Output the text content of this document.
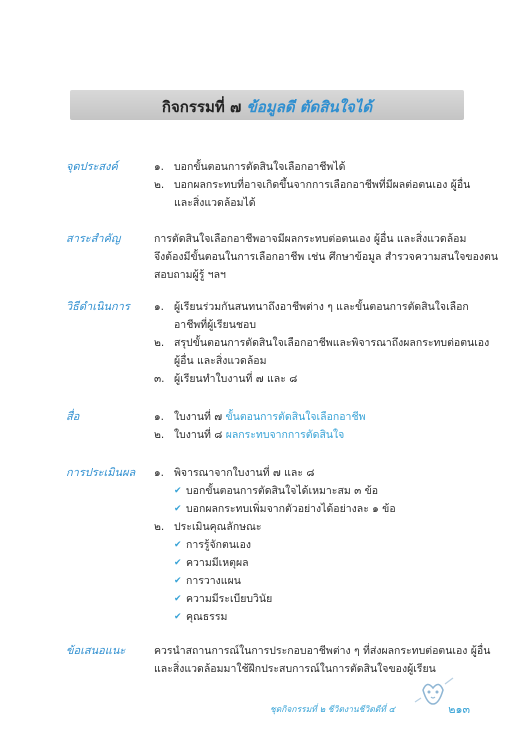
กิจกรรมที่ ๗ ข้อมูลดี ตัดสินใจได้
จุดประสงค์	๑. บอกขั้นตอนการตัดสินใจเลือกอาชีพได้
๒. บอกผลกระทบที่อาจเกิดขึ้นจากการเลือกอาชีพที่มีผลต่อตนเอง ผู้อื่น
และสิ่งแวดล้อมได้
สาระสำคัญ	การตัดสินใจเลือกอาชีพอาจมีผลกระทบต่อตนเอง ผู้อื่น และสิ่งแวดล้อม
จึงต้องมีขั้นตอนในการเลือกอาชีพ เช่น ศึกษาข้อมูล สำรวจความสนใจของตน
สอบถามผู้รู้ ฯลฯ
วิธีดำเนินการ	๑. ผู้เรียนร่วมกันสนทนาถึงอาชีพต่าง ๆ และขั้นตอนการตัดสินใจเลือก
อาชีพที่ผู้เรียนชอบ
๒. สรุปขั้นตอนการตัดสินใจเลือกอาชีพและพิจารณาถึงผลกระทบต่อตนเอง
ผู้อื่น และสิ่งแวดล้อม
๓. ผู้เรียนทำใบงานที่ ๗ และ ๘
สื่อ	๑. ใบงานที่ ๗ ขั้นตอนการตัดสินใจเลือกอาชีพ
๒. ใบงานที่ ๘ ผลกระทบจากการตัดสินใจ
การประเมินผล	๑. พิจารณาจากใบงานที่ ๗ และ ๘
✔ บอกขั้นตอนการตัดสินใจได้เหมาะสม ๓ ข้อ
✔ บอกผลกระทบเพิ่มจากตัวอย่างได้อย่างละ ๑ ข้อ
๒. ประเมินคุณลักษณะ
✔ การรู้จักตนเอง
✔ ความมีเหตุผล
✔ การวางแผน
✔ ความมีระเบียบวินัย
✔ คุณธรรม
ข้อเสนอแนะ	ควรนำสถานการณ์ในการประกอบอาชีพต่าง ๆ ที่ส่งผลกระทบต่อตนเอง ผู้อื่น
และสิ่งแวดล้อมมาใช้ฝึกประสบการณ์ในการตัดสินใจของผู้เรียน
ชุดกิจกรรมที่ ๒ ชีวิตงานชีวิตดีที่ ๔	๒๑๓
